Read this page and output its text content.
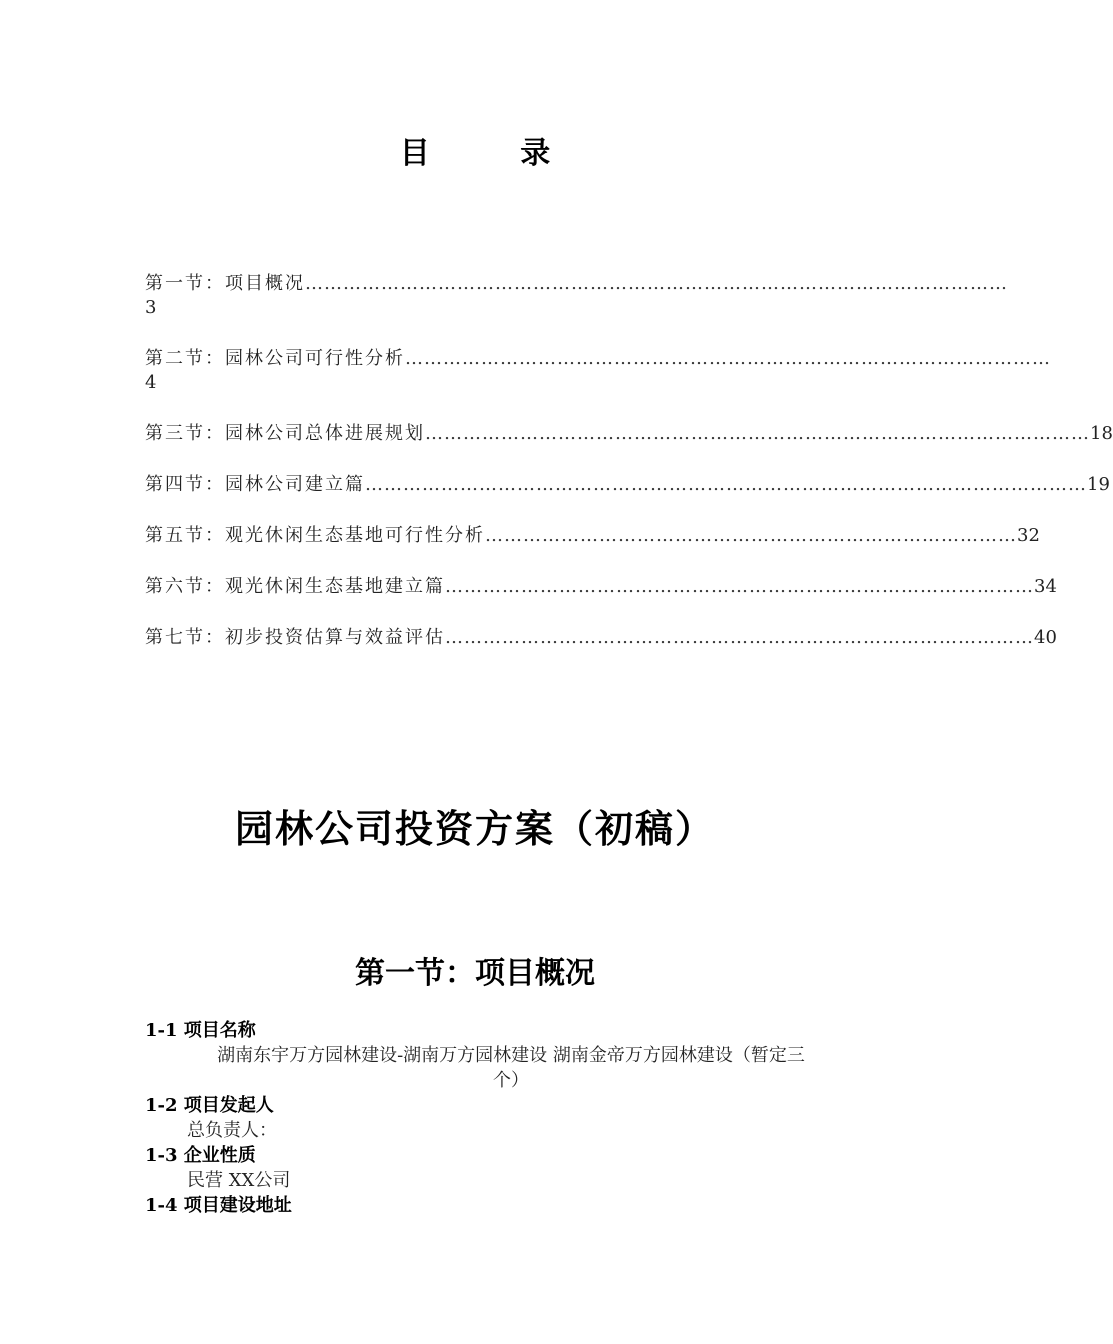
目 录
第一节：项目概况 …………………………………………………………………………………………………
3
第二节：园林公司可行性分析 …………………………………………………………………………………………
4
第三节：园林公司总体进展规划 …………………………………………………………………………………………… 18
第四节：园林公司建立篇 …………………………………………………………………………………………………… 19
第五节：观光休闲生态基地可行性分析 ………………………………………………………………………… 32
第六节：观光休闲生态基地建立篇 ………………………………………………………………………………… 34
第七节：初步投资估算与效益评估 ………………………………………………………………………………… 40
园林公司投资方案（初稿）
第一节：项目概况
1-1 项目名称
湖南东宇万方园林建设-湖南万方园林建设 湖南金帝万方园林建设（暂定三个）
1-2 项目发起人
总负责人：
1-3 企业性质
民营 XX公司
1-4 项目建设地址
